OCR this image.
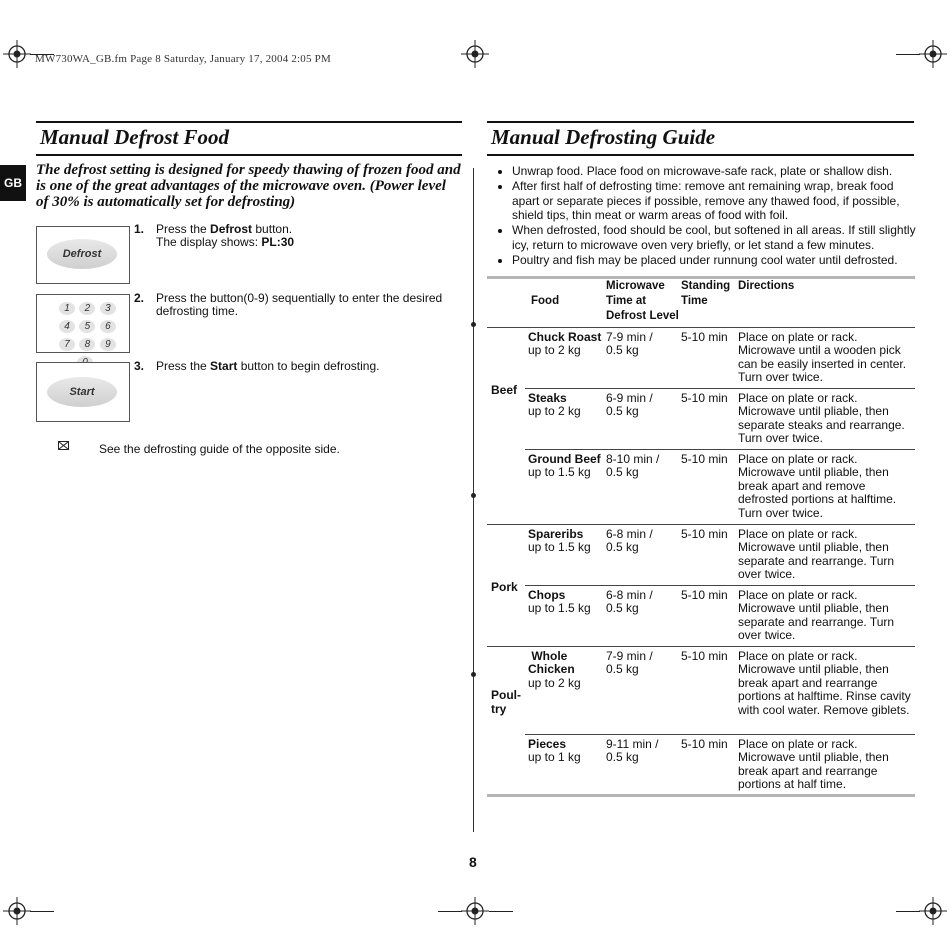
MW730WA_GB.fm Page 8 Saturday, January 17, 2004 2:05 PM
GB
Manual Defrost Food
The defrost setting is designed for speedy thawing of frozen food and is one of the great advantages of the microwave oven. (Power level of 30% is automatically set for defrosting)
Defrost
1 2 3
4 5 6
7 8 9
Start
1. Press the Defrost button.
The display shows: PL:30
2. Press the button(0-9) sequentially to enter the desired defrosting time.
3. Press the Start button to begin defrosting.
See the defrosting guide of the opposite side.
Manual Defrosting Guide
• Unwrap food. Place food on microwave-safe rack, plate or shallow dish.
• After first half of defrosting time: remove ant remaining wrap, break food apart or separate pieces if possible, remove any thawed food, if possible, shield tips, thin meat or warm areas of food with foil.
• When defrosted, food should be cool, but softened in all areas. If still slightly icy, return to microwave oven very briefly, or let stand a few minutes.
• Poultry and fish may be placed under runnung cool water until defrosted.
Food
Microwave
Time at
Defrost Level
Standing
Time
Directions
Beef
Pork
Poul-
try
Chuck Roast
up to 2 kg
7-9 min /
0.5 kg
5-10 min Place on plate or rack. Microwave until a wooden pick can be easily inserted in center. Turn over twice.
Steaks
up to 2 kg
6-9 min /
0.5 kg
5-10 min Place on plate or rack. Microwave until pliable, then separate steaks and rearrange. Turn over twice.
Ground Beef
up to 1.5 kg
8-10 min /
0.5 kg
5-10 min Place on plate or rack. Microwave until pliable, then break apart and remove defrosted portions at halftime. Turn over twice.
Spareribs
up to 1.5 kg
6-8 min /
0.5 kg
5-10 min Place on plate or rack. Microwave until pliable, then separate and rearrange. Turn over twice.
Chops
up to 1.5 kg
6-8 min /
0.5 kg
5-10 min Place on plate or rack. Microwave until pliable, then separate and rearrange. Turn over twice.
Whole
Chicken
up to 2 kg
7-9 min /
0.5 kg
5-10 min Place on plate or rack. Microwave until pliable, then break apart and rearrange portions at halftime. Rinse cavity with cool water. Remove giblets.
Pieces
up to 1 kg
9-11 min /
0.5 kg
5-10 min Place on plate or rack. Microwave until pliable, then break apart and rearrange portions at half time.
8
